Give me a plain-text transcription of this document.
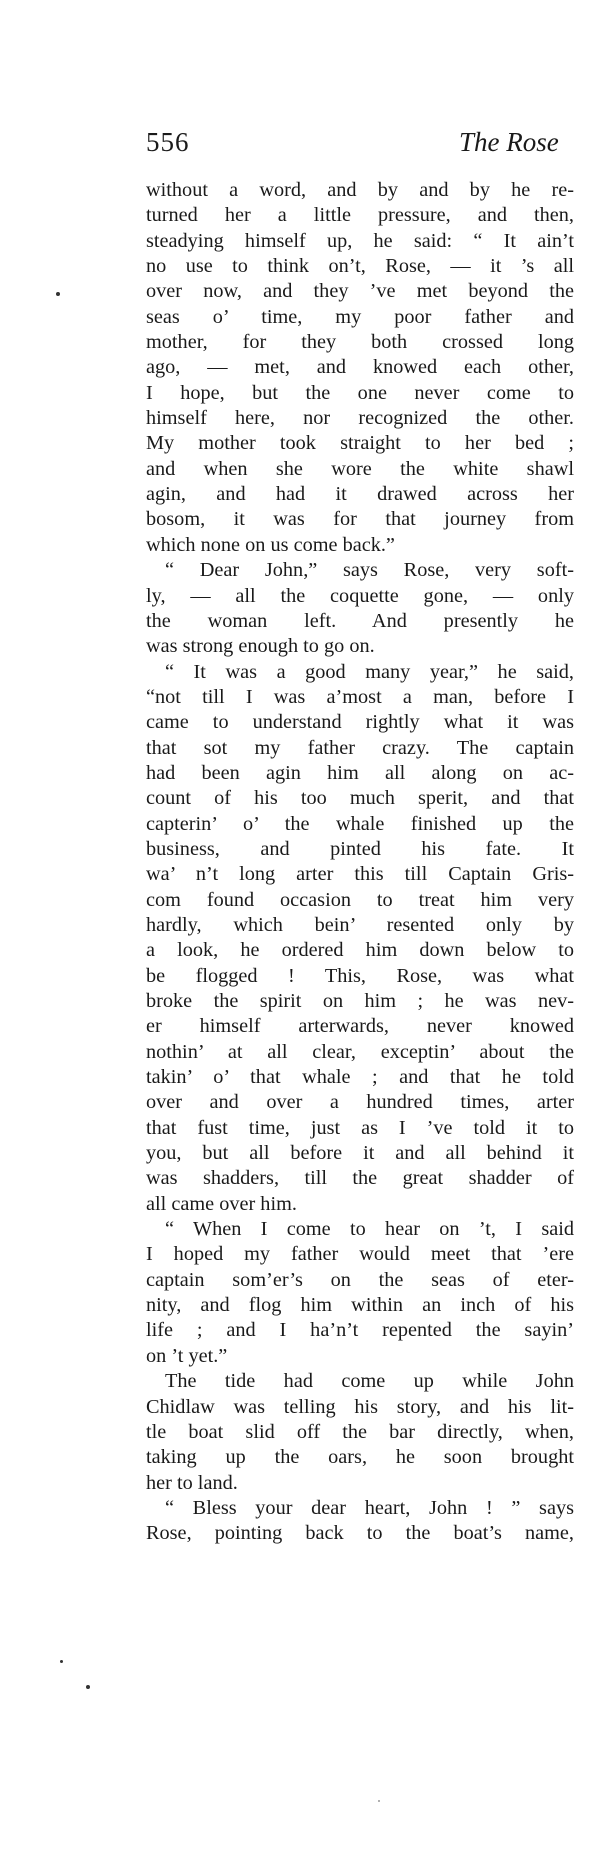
556	The Rose
without a word, and by and by he re-
turned her a little pressure, and then,
steadying himself up, he said: “ It ain’t
no use to think on’t, Rose, — it ’s all
over now, and they ’ve met beyond the
seas o’ time, my poor father and
mother, for they both crossed long
ago, — met, and knowed each other,
I hope, but the one never come to
himself here, nor recognized the other.
My mother took straight to her bed ;
and when she wore the white shawl
agin, and had it drawed across her
bosom, it was for that journey from
which none on us come back.”
“ Dear John,” says Rose, very soft-
ly, — all the coquette gone, — only
the woman left. And presently he
was strong enough to go on.
“ It was a good many year,” he said,
“not till I was a’most a man, before I
came to understand rightly what it was
that sot my father crazy. The captain
had been agin him all along on ac-
count of his too much sperit, and that
capterin’ o’ the whale finished up the
business, and pinted his fate. It
wa’ n’t long arter this till Captain Gris-
com found occasion to treat him very
hardly, which bein’ resented only by
a look, he ordered him down below to
be flogged ! This, Rose, was what
broke the spirit on him ; he was nev-
er himself arterwards, never knowed
nothin’ at all clear, exceptin’ about the
takin’ o’ that whale ; and that he told
over and over a hundred times, arter
that fust time, just as I ’ve told it to
you, but all before it and all behind it
was shadders, till the great shadder of
all came over him.
“ When I come to hear on ’t, I said
I hoped my father would meet that ’ere
captain som’er’s on the seas of eter-
nity, and flog him within an inch of his
life ; and I ha’n’t repented the sayin’
on ’t yet.”
The tide had come up while John
Chidlaw was telling his story, and his lit-
tle boat slid off the bar directly, when,
taking up the oars, he soon brought
her to land.
“ Bless your dear heart, John ! ” says
Rose, pointing back to the boat’s name,
